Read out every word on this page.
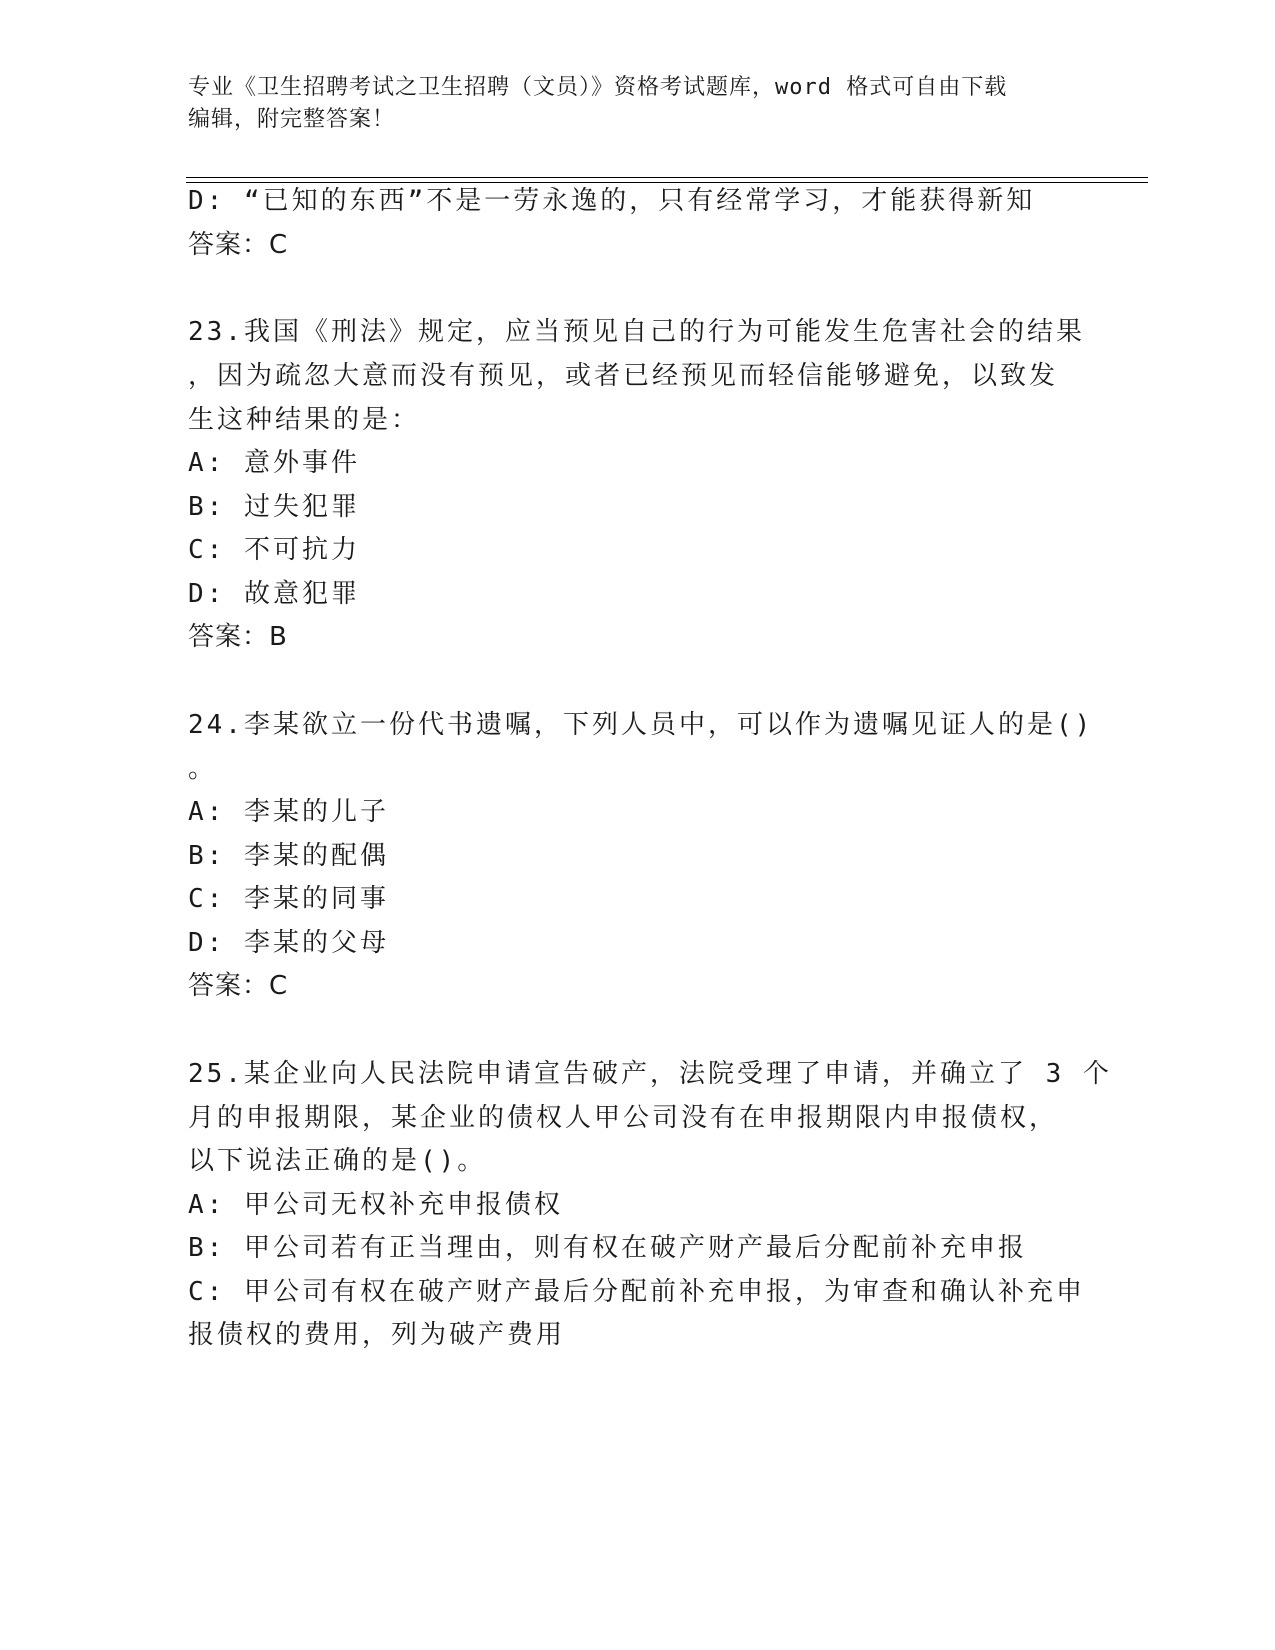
专业《卫生招聘考试之卫生招聘（文员）》资格考试题库，word 格式可自由下载
编辑，附完整答案！
D: “已知的东西”不是一劳永逸的，只有经常学习，才能获得新知
答案：C
23.我国《刑法》规定，应当预见自己的行为可能发生危害社会的结果
，因为疏忽大意而没有预见，或者已经预见而轻信能够避免，以致发
生这种结果的是：
A: 意外事件
B: 过失犯罪
C: 不可抗力
D: 故意犯罪
答案：B
24.李某欲立一份代书遗嘱，下列人员中，可以作为遗嘱见证人的是()
。
A: 李某的儿子
B: 李某的配偶
C: 李某的同事
D: 李某的父母
答案：C
25.某企业向人民法院申请宣告破产，法院受理了申请，并确立了 3 个
月的申报期限，某企业的债权人甲公司没有在申报期限内申报债权，
以下说法正确的是()。
A: 甲公司无权补充申报债权
B: 甲公司若有正当理由，则有权在破产财产最后分配前补充申报
C: 甲公司有权在破产财产最后分配前补充申报，为审查和确认补充申
报债权的费用，列为破产费用
